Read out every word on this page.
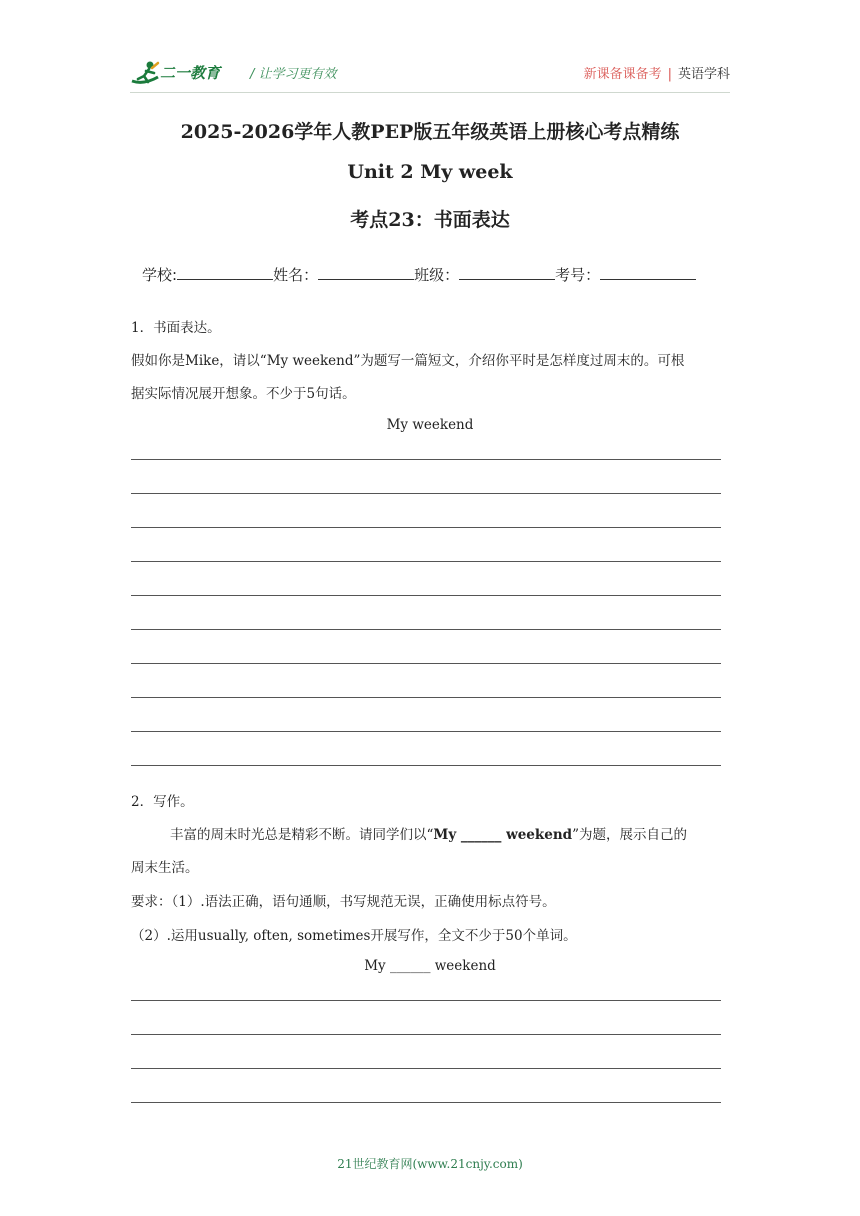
二一教育 / 让学习更有效	新课备课备考 | 英语学科
2025-2026学年人教PEP版五年级英语上册核心考点精练
Unit 2 My week
考点23：书面表达
学校:	姓名：	班级：	考号：
1．书面表达。
假如你是Mike，请以“My weekend”为题写一篇短文，介绍你平时是怎样度过周末的。可根
据实际情况展开想象。不少于5句话。
My weekend
2．写作。
丰富的周末时光总是精彩不断。请同学们以“My ______ weekend”为题，展示自己的
周末生活。
要求：（1）.语法正确，语句通顺，书写规范无误，正确使用标点符号。
（2）.运用usually, often, sometimes开展写作，全文不少于50个单词。
My ______ weekend
21世纪教育网(www.21cnjy.com)
